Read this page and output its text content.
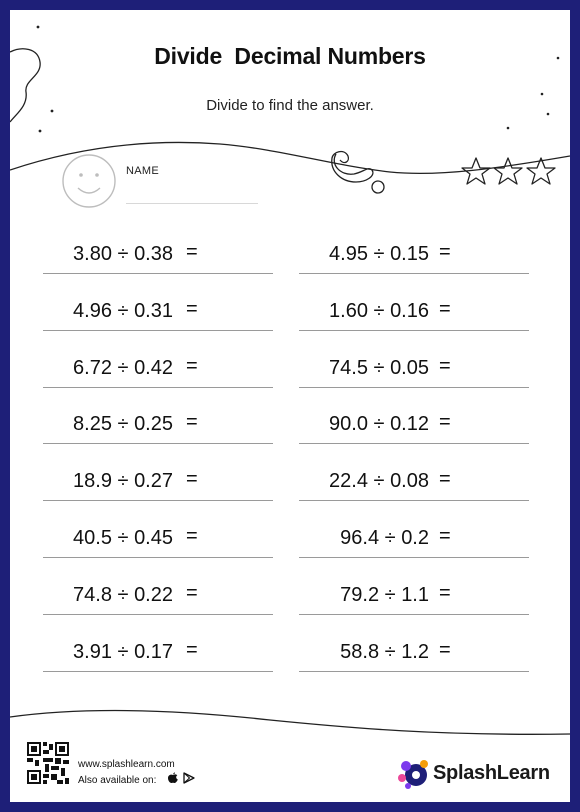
Divide  Decimal Numbers
Divide to find the answer.
NAME
3.80 ÷ 0.38 =
4.96 ÷ 0.31 =
6.72 ÷ 0.42 =
8.25 ÷ 0.25 =
18.9 ÷ 0.27 =
40.5 ÷ 0.45 =
74.8 ÷ 0.22 =
3.91 ÷ 0.17 =
4.95 ÷ 0.15 =
1.60 ÷ 0.16 =
74.5 ÷ 0.05 =
90.0 ÷ 0.12 =
22.4 ÷ 0.08 =
96.4 ÷ 0.2 =
79.2 ÷ 1.1 =
58.8 ÷ 1.2 =
www.splashlearn.com
Also available on:	SplashLearn
